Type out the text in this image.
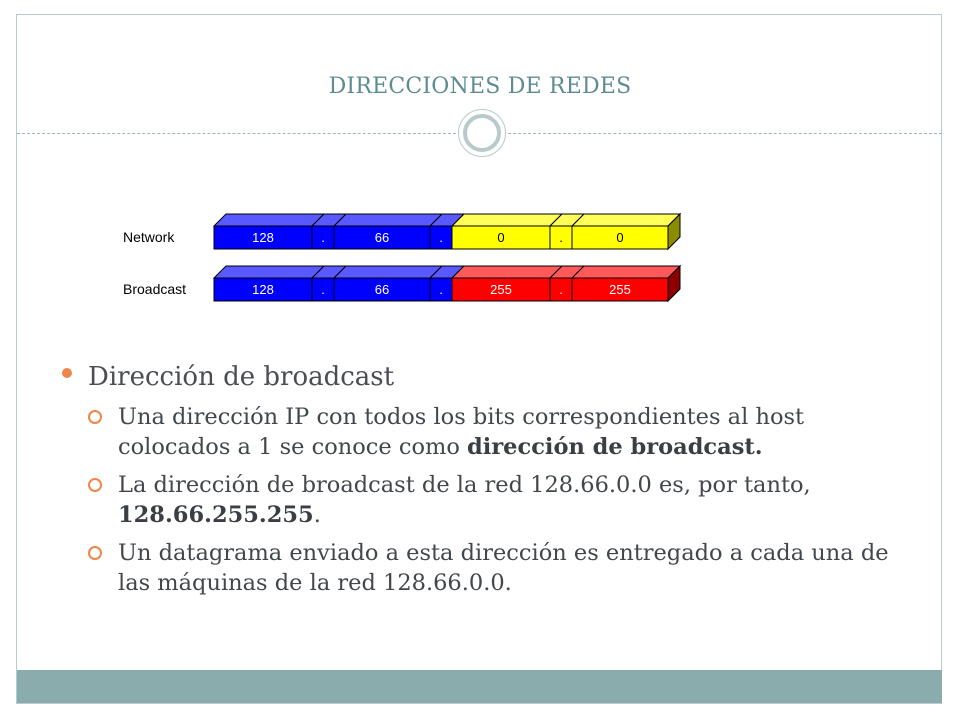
DIRECCIONES DE REDES
Network	128	.	66	.	0	.	0
Broadcast	128	.	66	.	255	.	255
Dirección de broadcast
Una dirección IP con todos los bits correspondientes al host colocados a 1 se conoce como dirección de broadcast.
La dirección de broadcast de la red 128.66.0.0 es, por tanto, 128.66.255.255.
Un datagrama enviado a esta dirección es entregado a cada una de las máquinas de la red 128.66.0.0.
